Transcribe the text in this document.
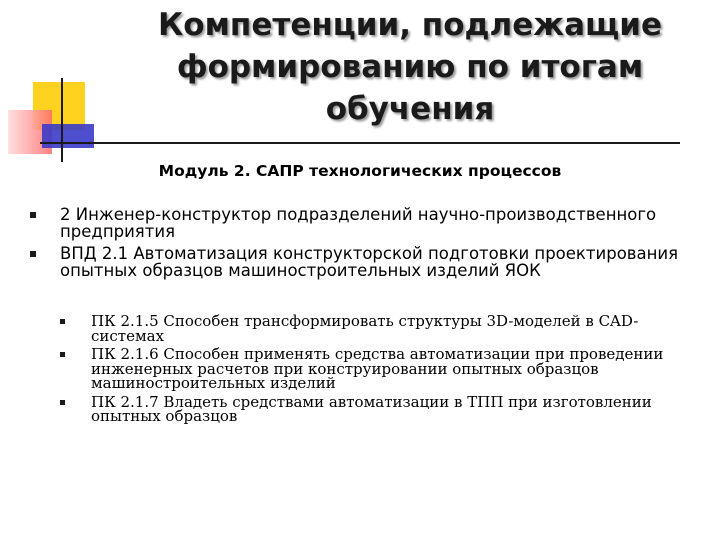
Компетенции, подлежащие
формированию по итогам
обучения
Модуль 2. САПР технологических процессов
2 Инженер-конструктор подразделений научно-производственного предприятия
ВПД 2.1 Автоматизация конструкторской подготовки проектирования опытных образцов машиностроительных изделий ЯОК
ПК 2.1.5 Способен трансформировать структуры 3D-моделей в CAD-системах
ПК 2.1.6 Способен применять средства автоматизации при проведении инженерных расчетов при конструировании опытных образцов машиностроительных изделий
ПК 2.1.7 Владеть средствами автоматизации в ТПП при изготовлении опытных образцов
